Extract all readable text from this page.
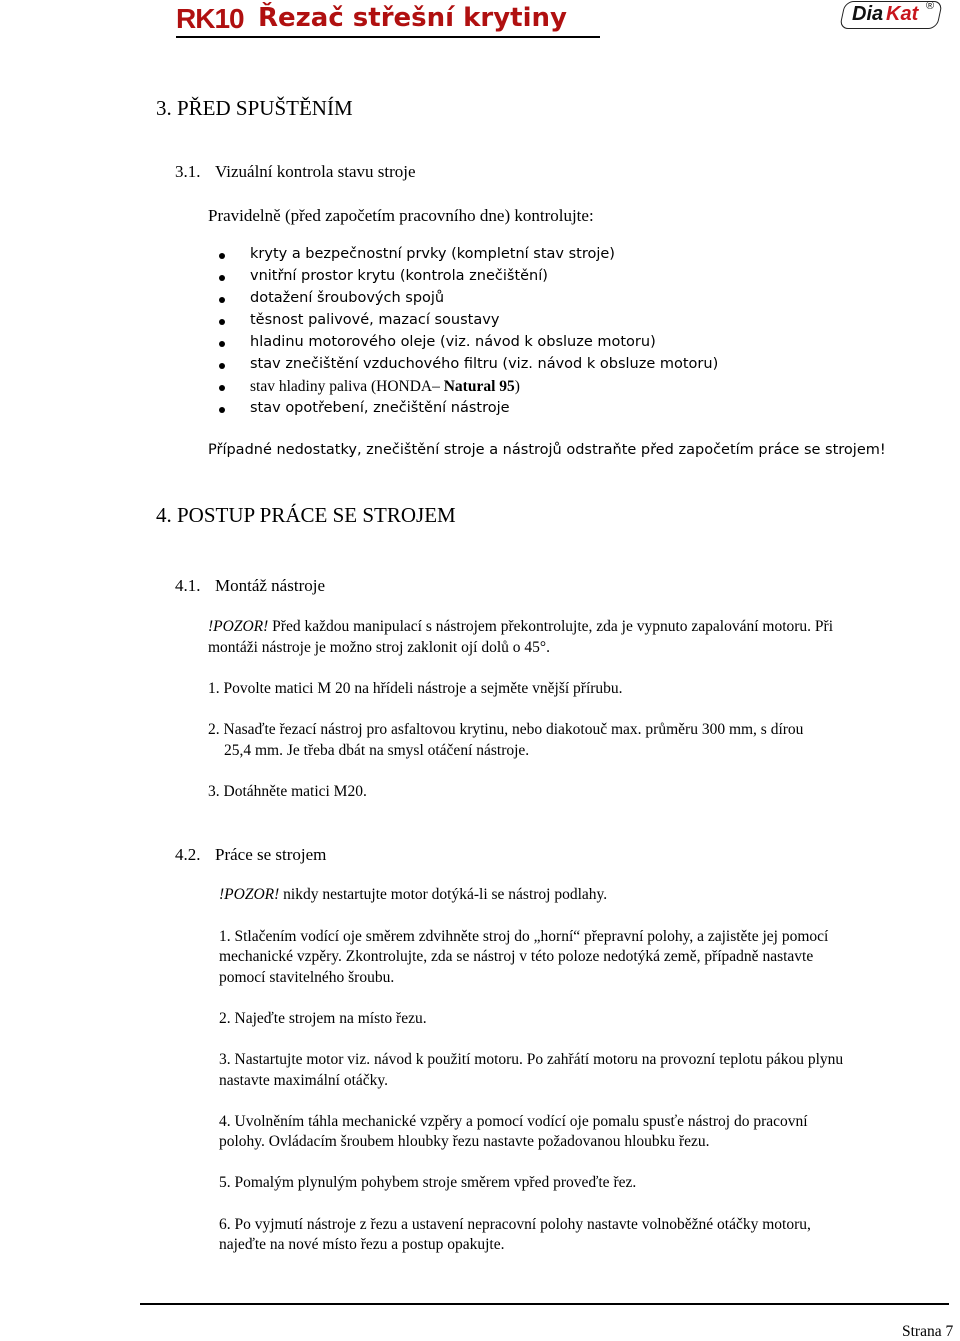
RK10 Řezač střešní krytiny	Dia Kat ®
3. PŘED SPUŠTĚNÍM
3.1. Vizuální kontrola stavu stroje
Pravidelně (před započetím pracovního dne) kontrolujte:
kryty a bezpečnostní prvky (kompletní stav stroje)
vnitřní prostor krytu (kontrola znečištění)
dotažení šroubových spojů
těsnost palivové, mazací soustavy
hladinu motorového oleje (viz. návod k obsluze motoru)
stav znečištění vzduchového filtru (viz. návod k obsluze motoru)
stav hladiny paliva (HONDA– Natural 95)
stav opotřebení, znečištění nástroje
Případné nedostatky, znečištění stroje a nástrojů odstraňte před započetím práce se strojem!
4. POSTUP PRÁCE SE STROJEM
4.1. Montáž nástroje
!POZOR! Před každou manipulací s nástrojem překontrolujte, zda je vypnuto zapalování motoru. Při
montáži nástroje je možno stroj zaklonit ojí dolů o 45°.
1. Povolte matici M 20 na hřídeli nástroje a sejměte vnější přírubu.
2. Nasaďte řezací nástroj pro asfaltovou krytinu, nebo diakotouč max. průměru 300 mm, s dírou
25,4 mm. Je třeba dbát na smysl otáčení nástroje.
3. Dotáhněte matici M20.
4.2. Práce se strojem
!POZOR! nikdy nestartujte motor dotýká-li se nástroj podlahy.
1. Stlačením vodící oje směrem zdvihněte stroj do „horní“ přepravní polohy, a zajistěte jej pomocí
mechanické vzpěry. Zkontrolujte, zda se nástroj v této poloze nedotýká země, případně nastavte
pomocí stavitelného šroubu.
2. Najeďte strojem na místo řezu.
3. Nastartujte motor viz. návod k použití motoru. Po zahřátí motoru na provozní teplotu pákou plynu
nastavte maximální otáčky.
4. Uvolněním táhla mechanické vzpěry a pomocí vodící oje pomalu spusťe nástroj do pracovní
polohy. Ovládacím šroubem hloubky řezu nastavte požadovanou hloubku řezu.
5. Pomalým plynulým pohybem stroje směrem vpřed proveďte řez.
6. Po vyjmutí nástroje z řezu a ustavení nepracovní polohy nastavte volnoběžné otáčky motoru,
najeďte na nové místo řezu a postup opakujte.
Strana 7
